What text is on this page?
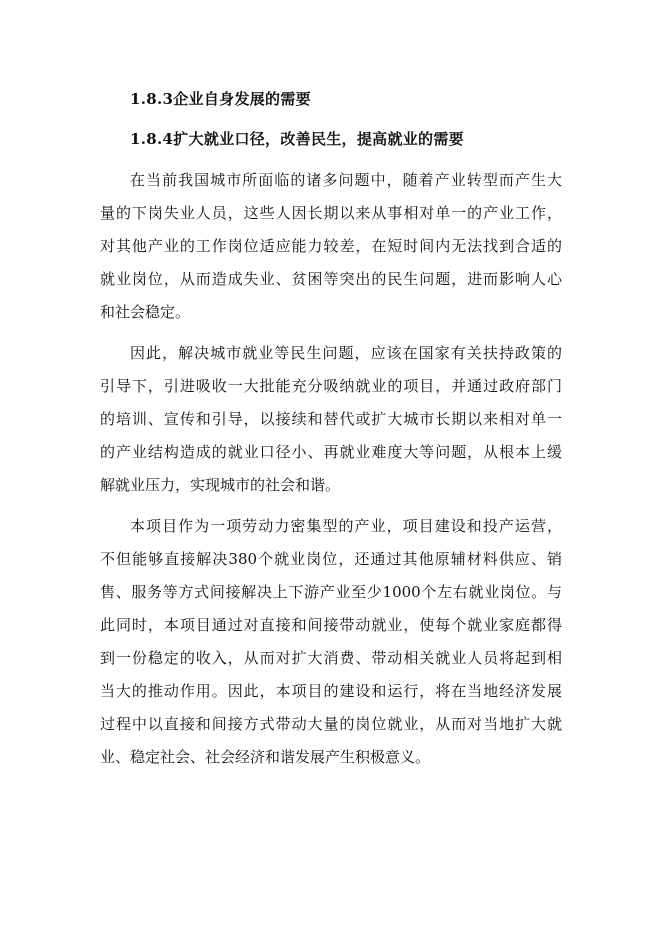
1.8.3企业自身发展的需要
1.8.4扩大就业口径，改善民生，提高就业的需要
在当前我国城市所面临的诸多问题中，随着产业转型而产生大
量的下岗失业人员，这些人因长期以来从事相对单一的产业工作，
对其他产业的工作岗位适应能力较差，在短时间内无法找到合适的
就业岗位，从而造成失业、贫困等突出的民生问题，进而影响人心
和社会稳定。
因此，解决城市就业等民生问题，应该在国家有关扶持政策的
引导下，引进吸收一大批能充分吸纳就业的项目，并通过政府部门
的培训、宣传和引导，以接续和替代或扩大城市长期以来相对单一
的产业结构造成的就业口径小、再就业难度大等问题，从根本上缓
解就业压力，实现城市的社会和谐。
本项目作为一项劳动力密集型的产业，项目建设和投产运营，
不但能够直接解决380个就业岗位，还通过其他原辅材料供应、销
售、服务等方式间接解决上下游产业至少1000个左右就业岗位。与
此同时，本项目通过对直接和间接带动就业，使每个就业家庭都得
到一份稳定的收入，从而对扩大消费、带动相关就业人员将起到相
当大的推动作用。因此，本项目的建设和运行，将在当地经济发展
过程中以直接和间接方式带动大量的岗位就业，从而对当地扩大就
业、稳定社会、社会经济和谐发展产生积极意义。
